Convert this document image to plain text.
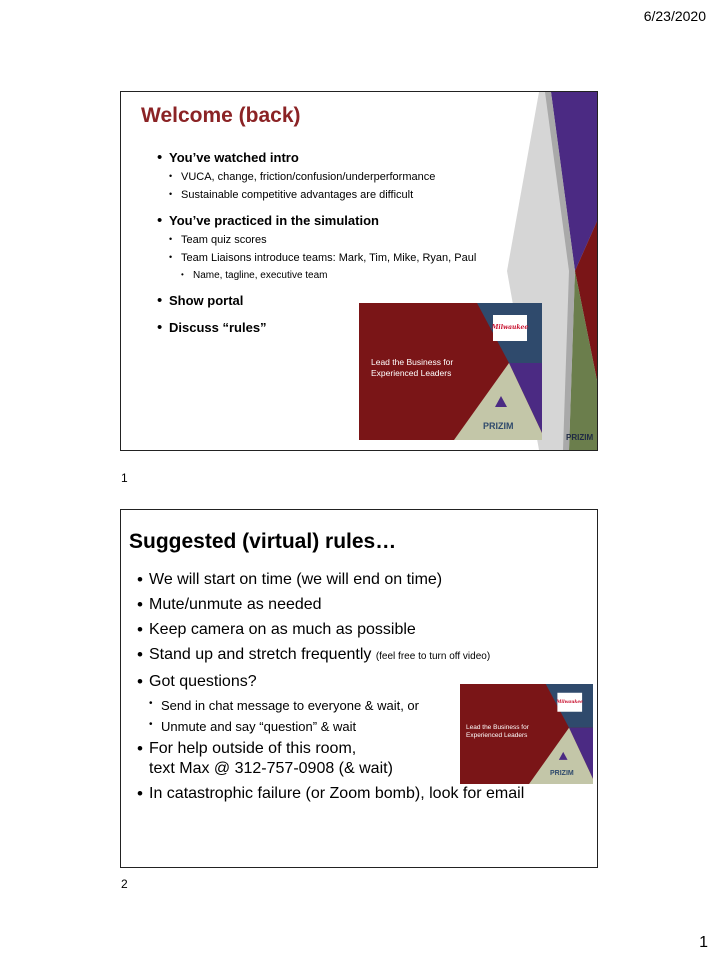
6/23/2020
Welcome (back)
• You’ve watched intro
• VUCA, change, friction/confusion/underperformance
• Sustainable competitive advantages are difficult
• You’ve practiced in the simulation
• Team quiz scores
• Team Liaisons introduce teams: Mark, Tim, Mike, Ryan, Paul
• Name, tagline, executive team
• Show portal
• Discuss “rules”	Milwaukee
Lead the Business for
Experienced Leaders
PRIZIM
PRIZIM
1
Suggested (virtual) rules…
• We will start on time (we will end on time)
• Mute/unmute as needed
• Keep camera on as much as possible
• Stand up and stretch frequently (feel free to turn off video)
• Got questions?
• Send in chat message to everyone & wait, or
• Unmute and say “question” & wait
• For help outside of this room,
text Max @ 312-757-0908 (& wait)
• In catastrophic failure (or Zoom bomb), look for email
Milwaukee
Lead the Business for
Experienced Leaders
PRIZIM
2
1
